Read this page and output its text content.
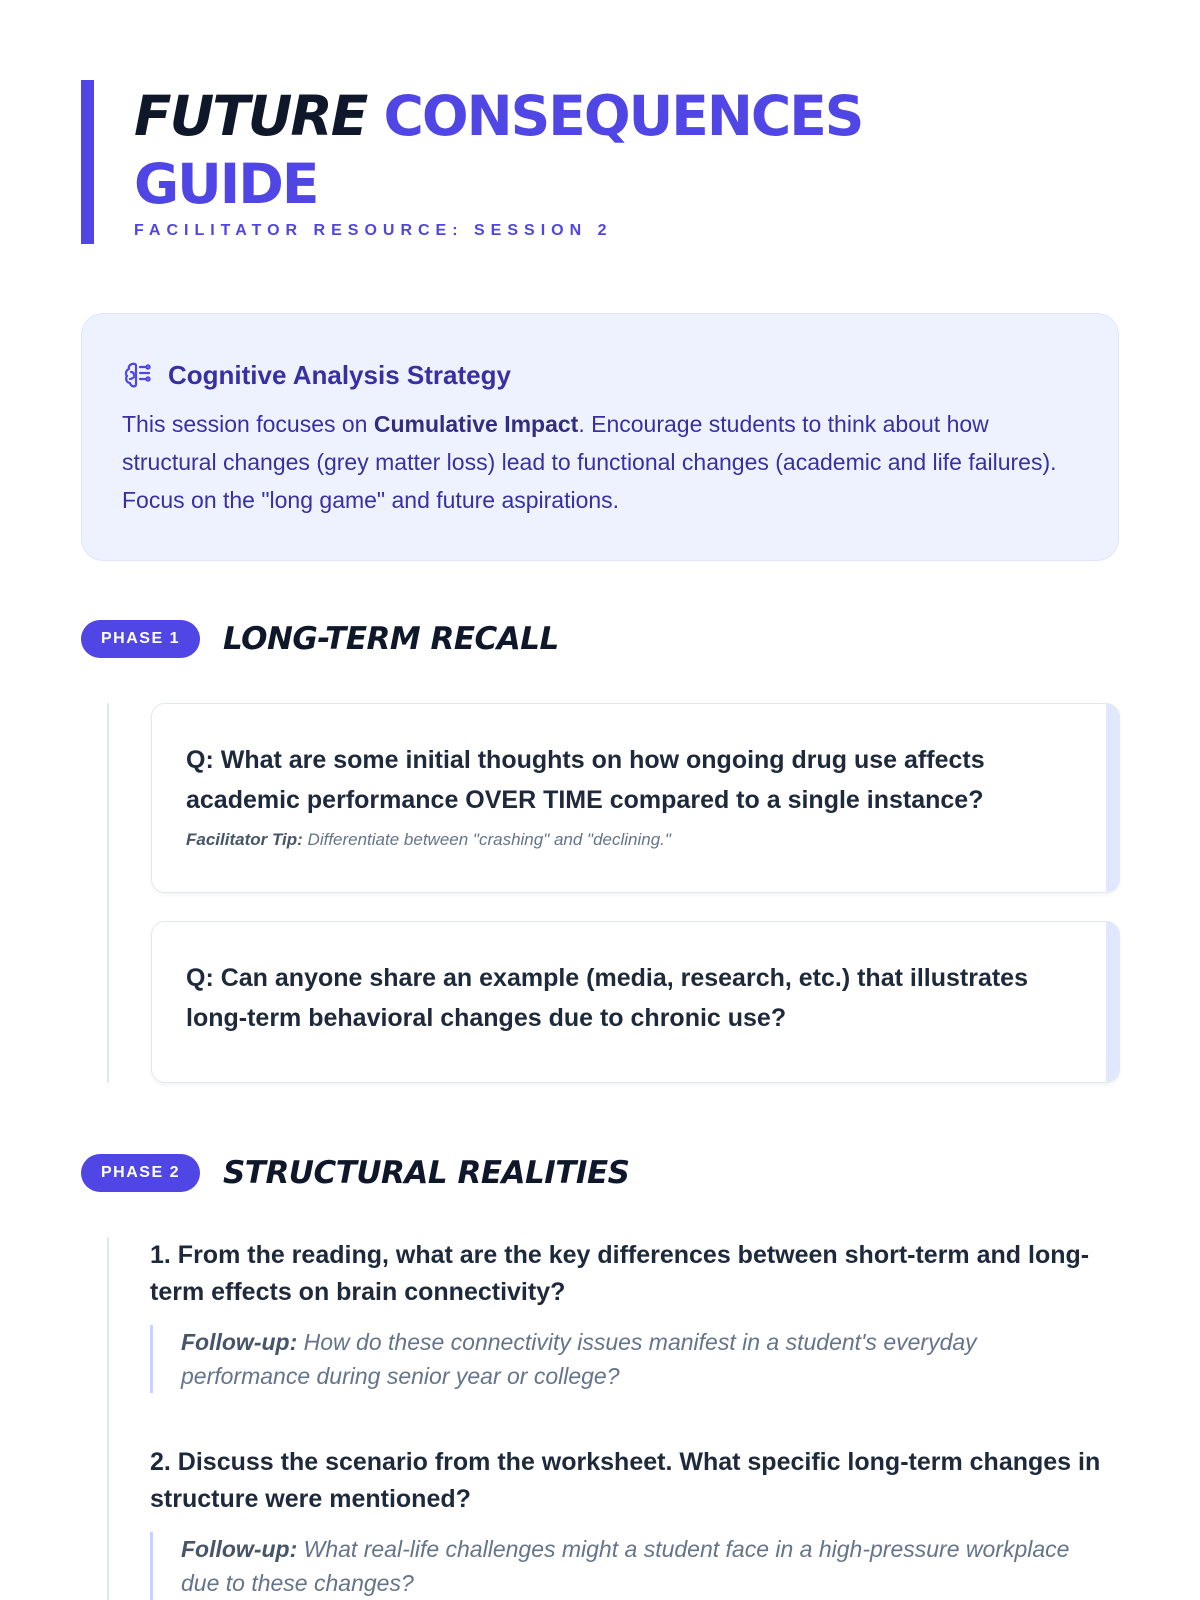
FUTURE CONSEQUENCES GUIDE
FACILITATOR RESOURCE: SESSION 2
Cognitive Analysis Strategy

This session focuses on Cumulative Impact. Encourage students to think about how structural changes (grey matter loss) lead to functional changes (academic and life failures). Focus on the "long game" and future aspirations.

PHASE 1	LONG-TERM RECALL

Q: What are some initial thoughts on how ongoing drug use affects academic performance OVER TIME compared to a single instance?

Facilitator Tip: Differentiate between "crashing" and "declining."

Q: Can anyone share an example (media, research, etc.) that illustrates long-term behavioral changes due to chronic use?

PHASE 2	STRUCTURAL REALITIES

1. From the reading, what are the key differences between short-term and long-term effects on brain connectivity?

Follow-up: How do these connectivity issues manifest in a student's everyday performance during senior year or college?

2. Discuss the scenario from the worksheet. What specific long-term changes in structure were mentioned?

Follow-up: What real-life challenges might a student face in a high-pressure workplace due to these changes?
